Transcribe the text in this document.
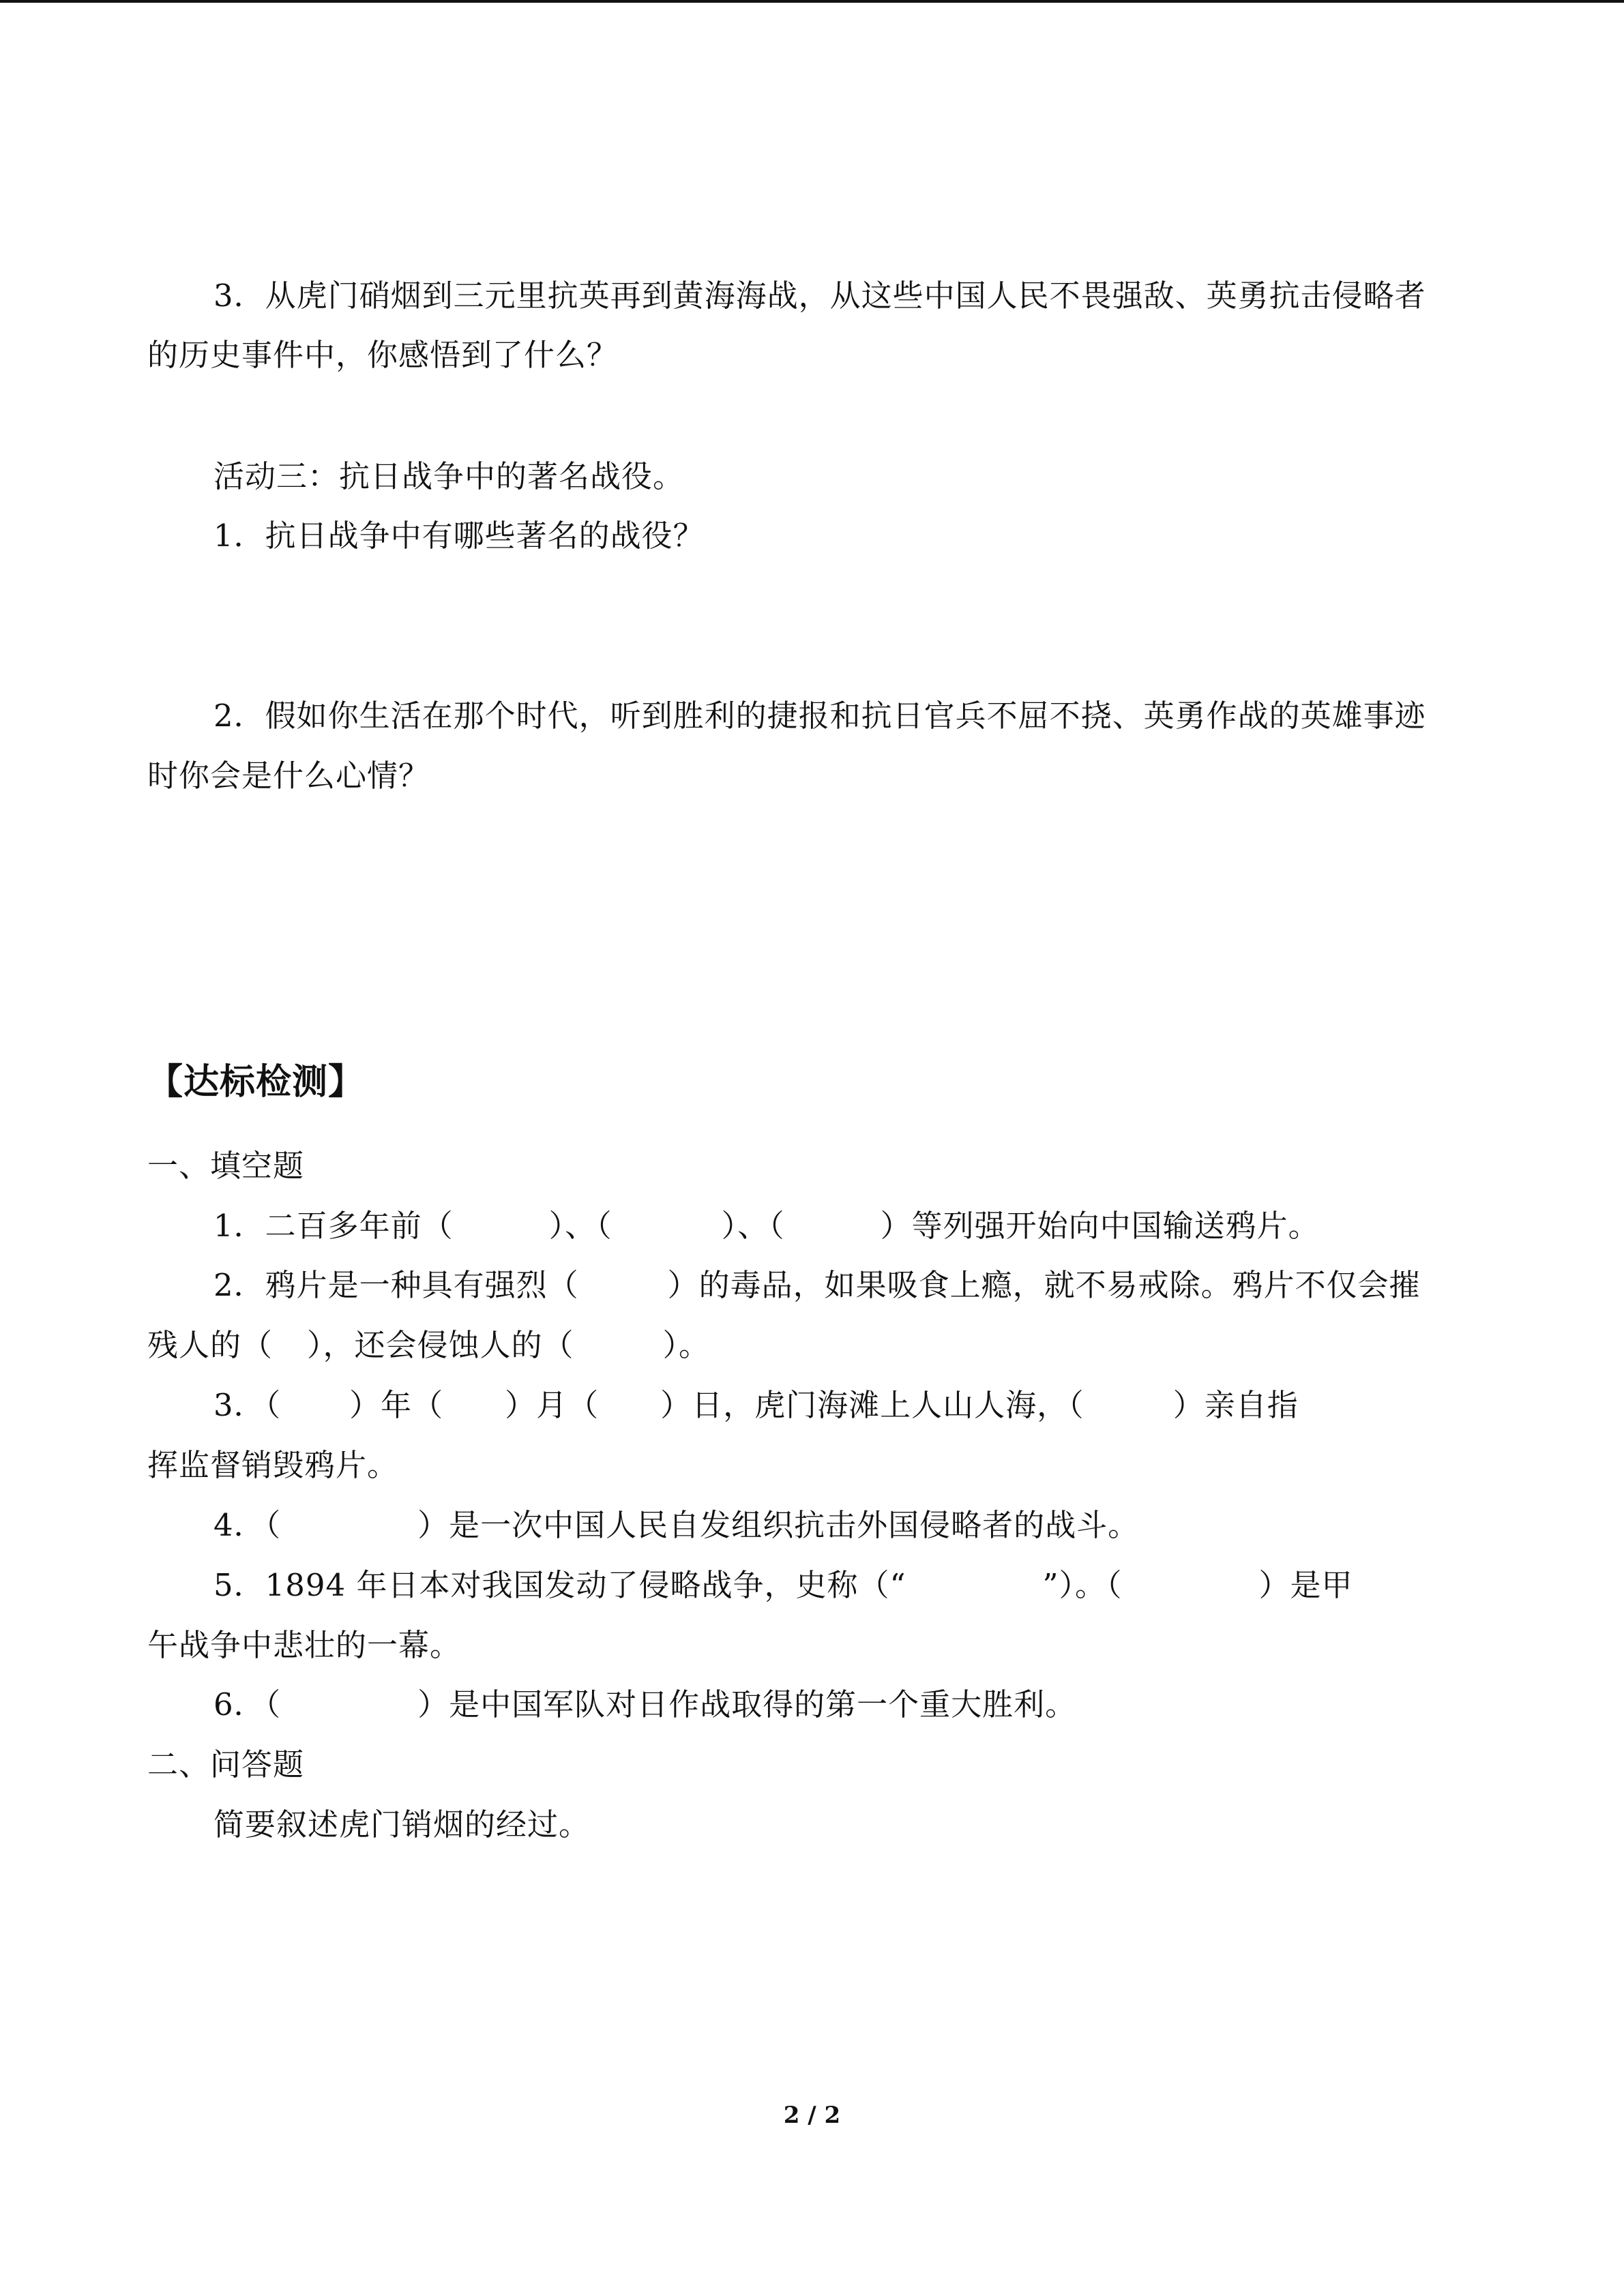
3．从虎门硝烟到三元里抗英再到黄海海战，从这些中国人民不畏强敌、英勇抗击侵略者

的历史事件中，你感悟到了什么？

活动三：抗日战争中的著名战役。

1．抗日战争中有哪些著名的战役？

2．假如你生活在那个时代，听到胜利的捷报和抗日官兵不屈不挠、英勇作战的英雄事迹

时你会是什么心情？

【达标检测】

一、填空题

1．二百多年前（	）、（	）、（	）等列强开始向中国输送鸦片。

2．鸦片是一种具有强烈（	）的毒品，如果吸食上瘾，就不易戒除。鸦片不仅会摧

残人的（ ），还会侵蚀人的（	）。

3．（ ）年（ ）月（ ）日，虎门海滩上人山人海，（	）亲自指

挥监督销毁鸦片。

4．（	）是一次中国人民自发组织抗击外国侵略者的战斗。

5．1894 年日本对我国发动了侵略战争，史称（“	”）。（	）是甲

午战争中悲壮的一幕。

6．（	）是中国军队对日作战取得的第一个重大胜利。

二、问答题

简要叙述虎门销烟的经过。

2 / 2
